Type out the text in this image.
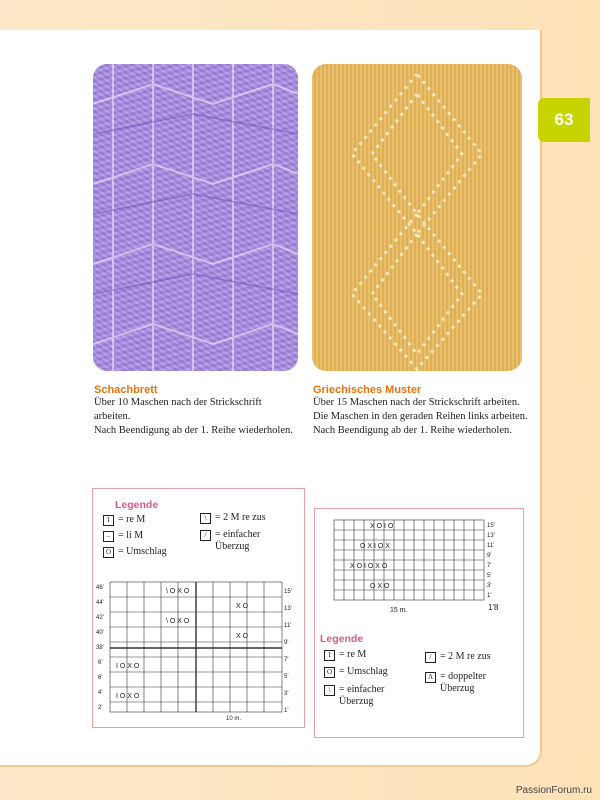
63
Schachbrett
Über 10 Maschen nach der Strickschrift arbeiten.
Nach Beendigung ab der 1. Reihe wiederholen.
Griechisches Muster
Über 15 Maschen nach der Strickschrift arbeiten.
Die Maschen in den geraden Reihen links arbeiten.
Nach Beendigung ab der 1. Reihe wiederholen.
Legende
I = re M
– = li M
O = Umschlag
\ = 2 M re zus
/ = einfacher
Überzug
46'
44'
42'
40'
38'
6'
6'
4'
2'
15'
13'
11'
9'
7'
5'
3'
1'
10 m.
\ O X O
\ O X O
I O X O
I O X O
X O
X O
X O I O
O X I O X
X O I O X O
O X O
15'
13'
11'
9'
7'
5'
3'
1'
1'8
15 m.
Legende
I = re M
O = Umschlag
\ = einfacher
Überzug
/ = 2 M re zus
Λ = doppelter
Überzug
PassionForum.ru
